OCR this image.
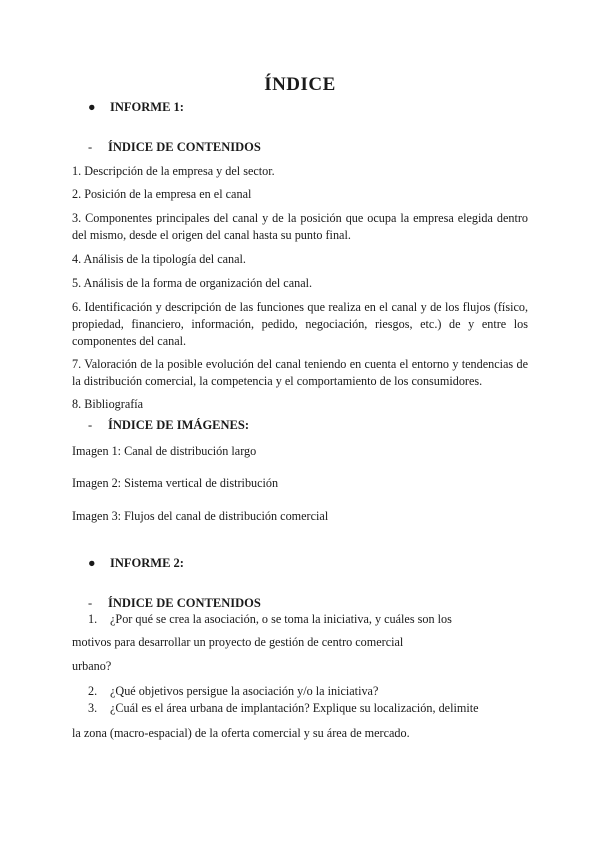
ÍNDICE
● INFORME 1:
- ÍNDICE DE CONTENIDOS
1. Descripción de la empresa y del sector.
2. Posición de la empresa en el canal
3. Componentes principales del canal y de la posición que ocupa la empresa elegida dentro del mismo, desde el origen del canal hasta su punto final.
4. Análisis de la tipología del canal.
5. Análisis de la forma de organización del canal.
6. Identificación y descripción de las funciones que realiza en el canal y de los flujos (físico, propiedad, financiero, información, pedido, negociación, riesgos, etc.) de y entre los componentes del canal.
7. Valoración de la posible evolución del canal teniendo en cuenta el entorno y tendencias de la distribución comercial, la competencia y el comportamiento de los consumidores.
8. Bibliografía
- ÍNDICE DE IMÁGENES:
Imagen 1: Canal de distribución largo
Imagen 2: Sistema vertical de distribución
Imagen 3: Flujos del canal de distribución comercial
● INFORME 2:
- ÍNDICE DE CONTENIDOS
1. ¿Por qué se crea la asociación, o se toma la iniciativa, y cuáles son los
motivos para desarrollar un proyecto de gestión de centro comercial
urbano?
2. ¿Qué objetivos persigue la asociación y/o la iniciativa?
3. ¿Cuál es el área urbana de implantación? Explique su localización, delimite
la zona (macro-espacial) de la oferta comercial y su área de mercado.
